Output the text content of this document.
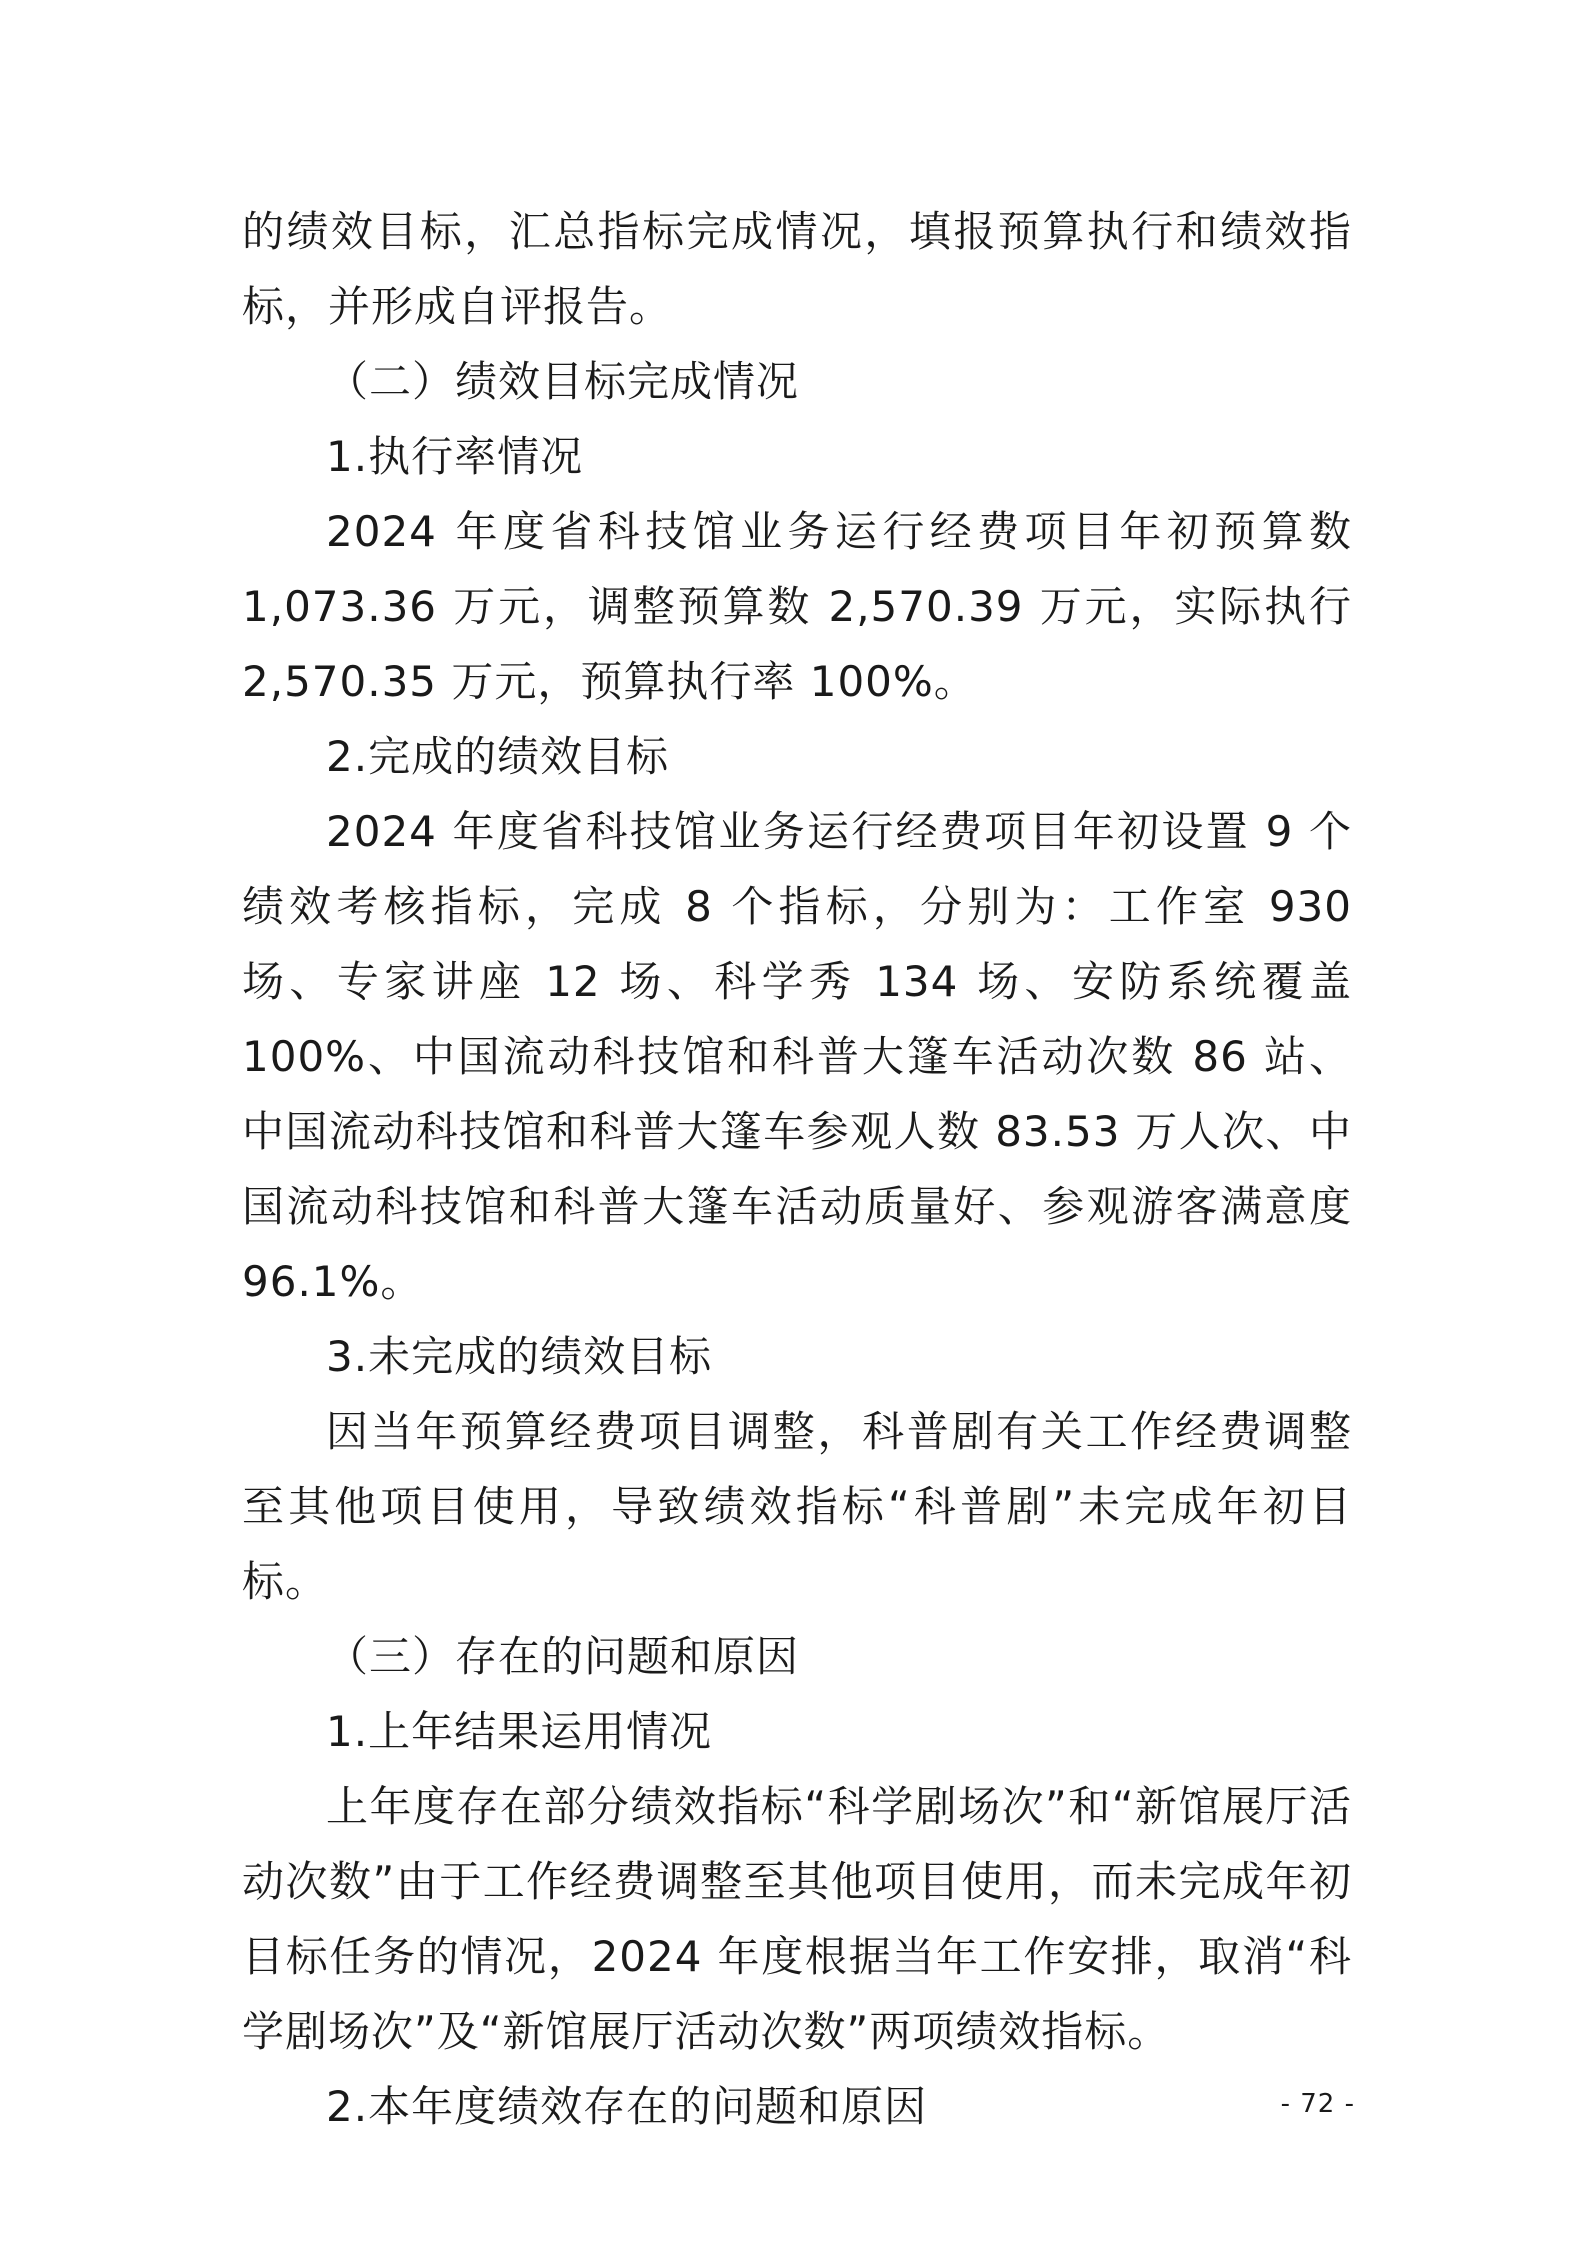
的绩效目标，汇总指标完成情况，填报预算执行和绩效指标，并形成自评报告。

（二）绩效目标完成情况

1.执行率情况

2024 年度省科技馆业务运行经费项目年初预算数 1,073.36 万元，调整预算数 2,570.39 万元，实际执行 2,570.35 万元，预算执行率 100%。

2.完成的绩效目标

2024 年度省科技馆业务运行经费项目年初设置 9 个绩效考核指标，完成 8 个指标，分别为：工作室 930 场、专家讲座 12 场、科学秀 134 场、安防系统覆盖 100%、中国流动科技馆和科普大篷车活动次数 86 站、中国流动科技馆和科普大篷车参观人数 83.53 万人次、中国流动科技馆和科普大篷车活动质量好、参观游客满意度 96.1%。

3.未完成的绩效目标

因当年预算经费项目调整，科普剧有关工作经费调整至其他项目使用，导致绩效指标“科普剧”未完成年初目标。

（三）存在的问题和原因

1.上年结果运用情况

上年度存在部分绩效指标“科学剧场次”和“新馆展厅活动次数”由于工作经费调整至其他项目使用，而未完成年初目标任务的情况，2024 年度根据当年工作安排，取消“科学剧场次”及“新馆展厅活动次数”两项绩效指标。

2.本年度绩效存在的问题和原因	- 72 -
